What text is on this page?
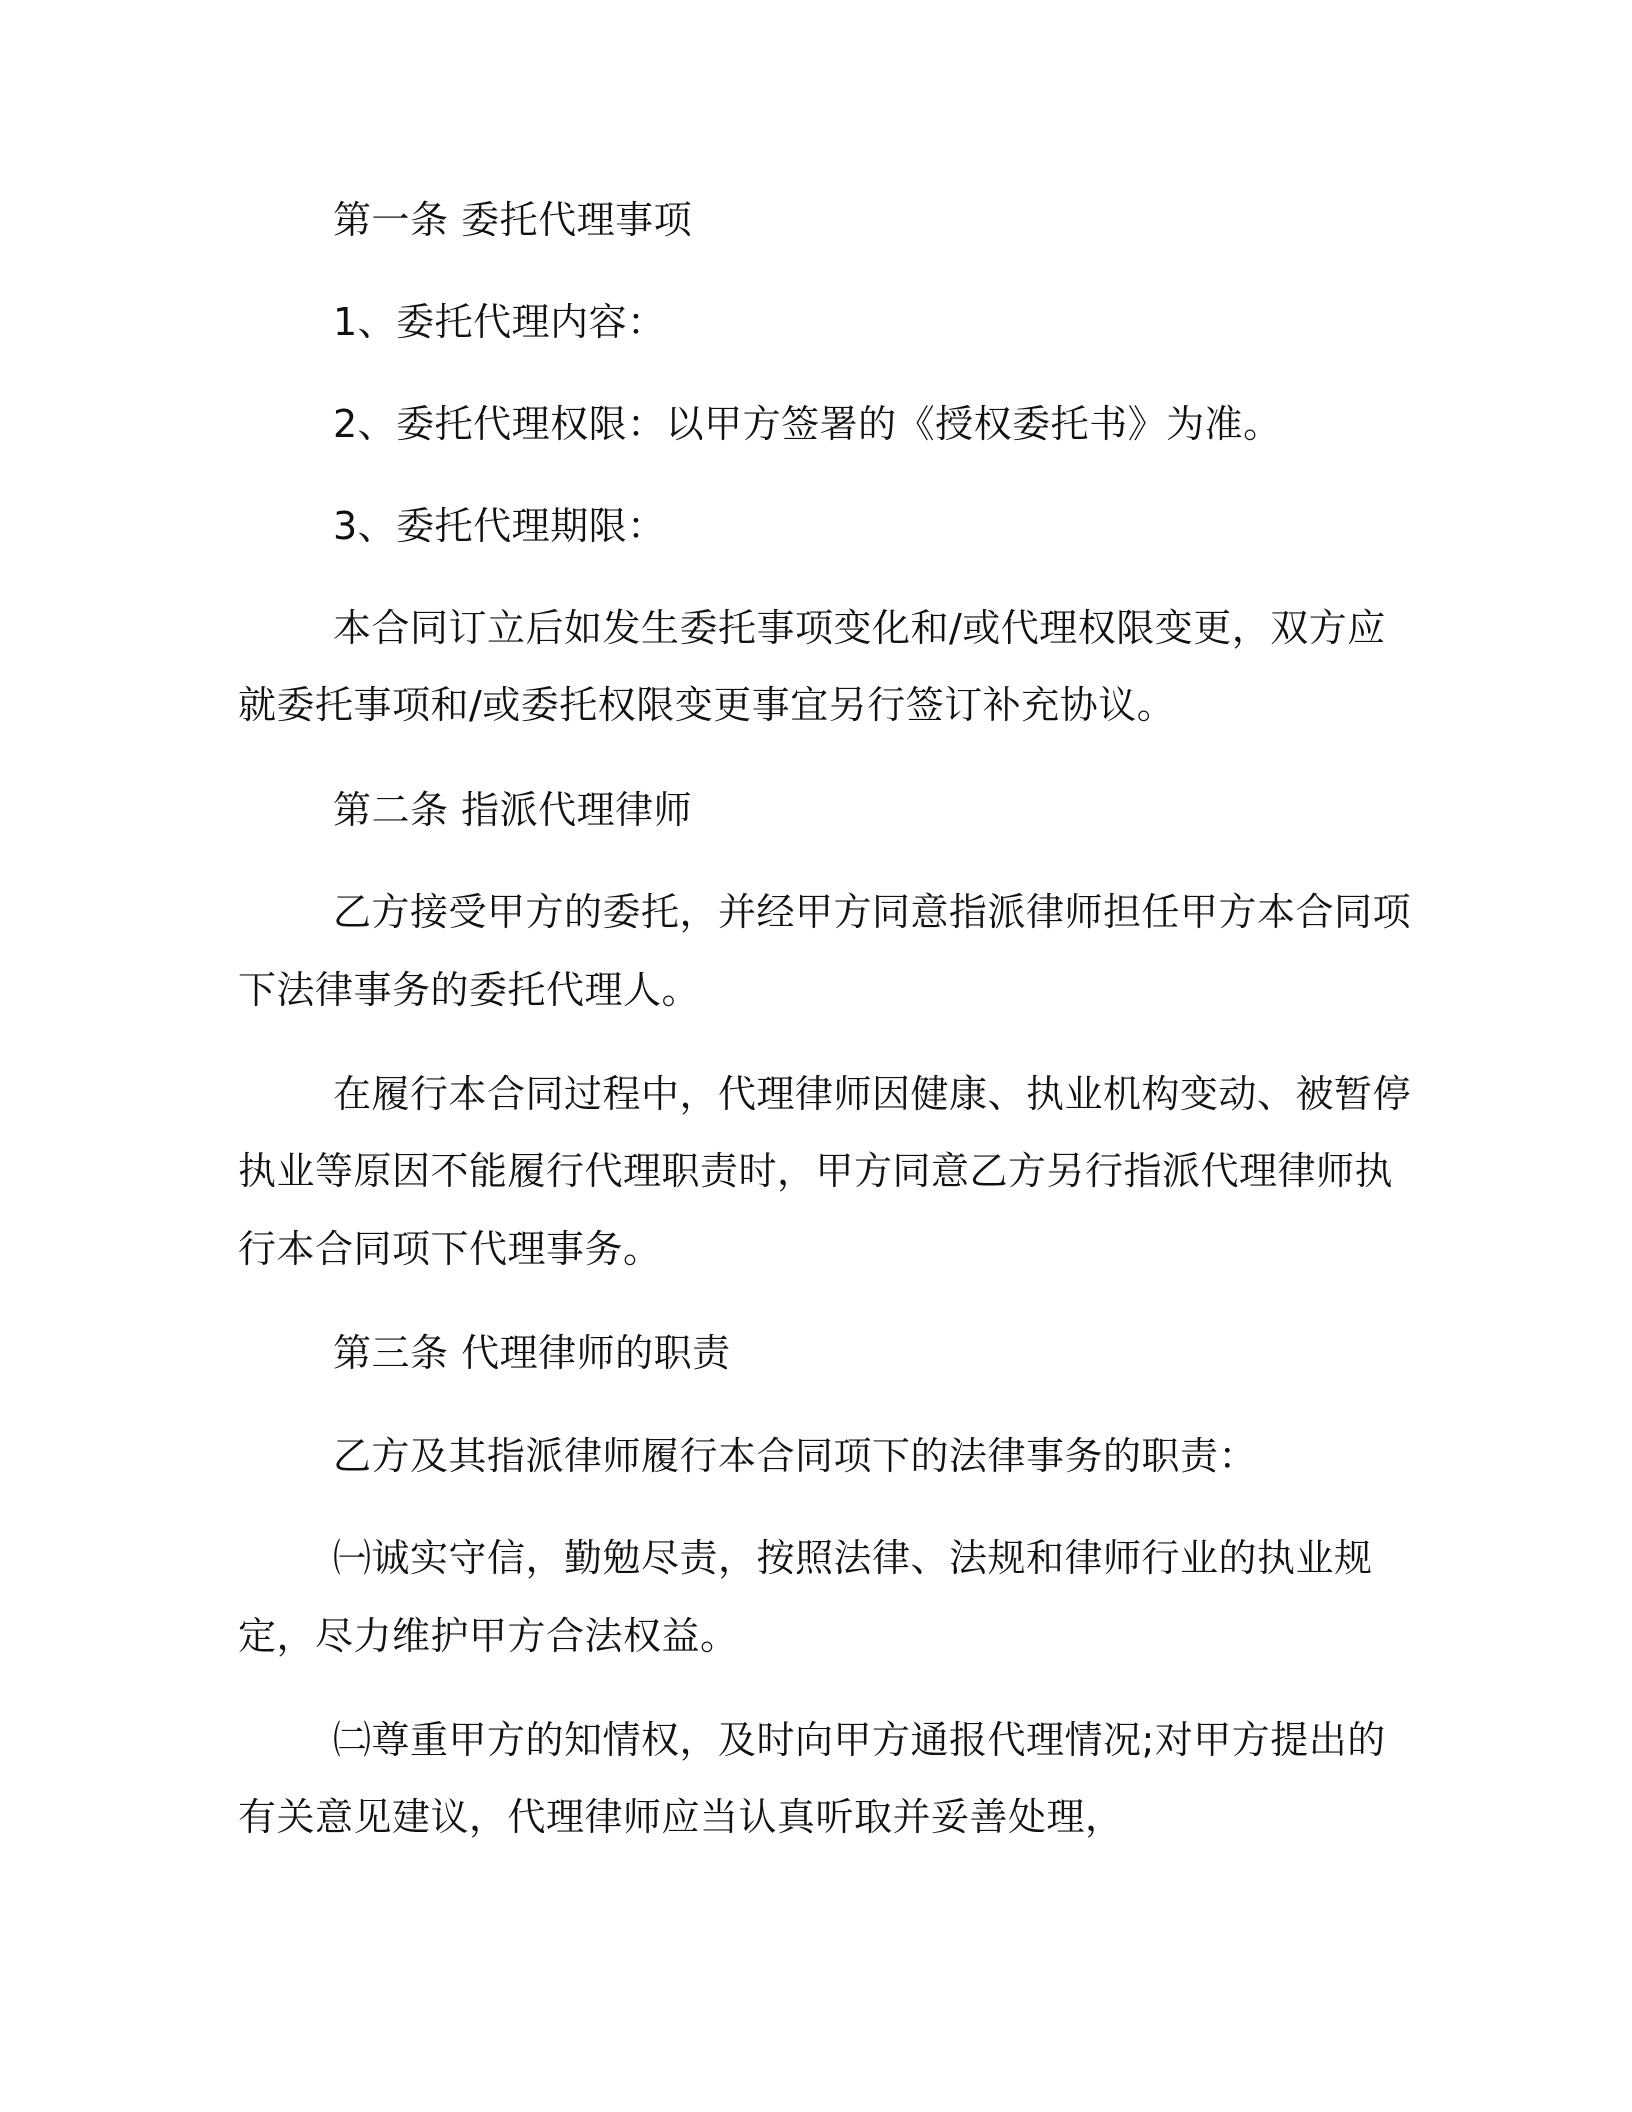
第一条 委托代理事项
1、委托代理内容：
2、委托代理权限：以甲方签署的《授权委托书》为准。
3、委托代理期限：
本合同订立后如发生委托事项变化和/或代理权限变更，双方应
就委托事项和/或委托权限变更事宜另行签订补充协议。
第二条 指派代理律师
乙方接受甲方的委托，并经甲方同意指派律师担任甲方本合同项
下法律事务的委托代理人。
在履行本合同过程中，代理律师因健康、执业机构变动、被暂停
执业等原因不能履行代理职责时，甲方同意乙方另行指派代理律师执
行本合同项下代理事务。
第三条 代理律师的职责
乙方及其指派律师履行本合同项下的法律事务的职责：
㈠诚实守信，勤勉尽责，按照法律、法规和律师行业的执业规
定，尽力维护甲方合法权益。
㈡尊重甲方的知情权，及时向甲方通报代理情况;对甲方提出的
有关意见建议，代理律师应当认真听取并妥善处理，
